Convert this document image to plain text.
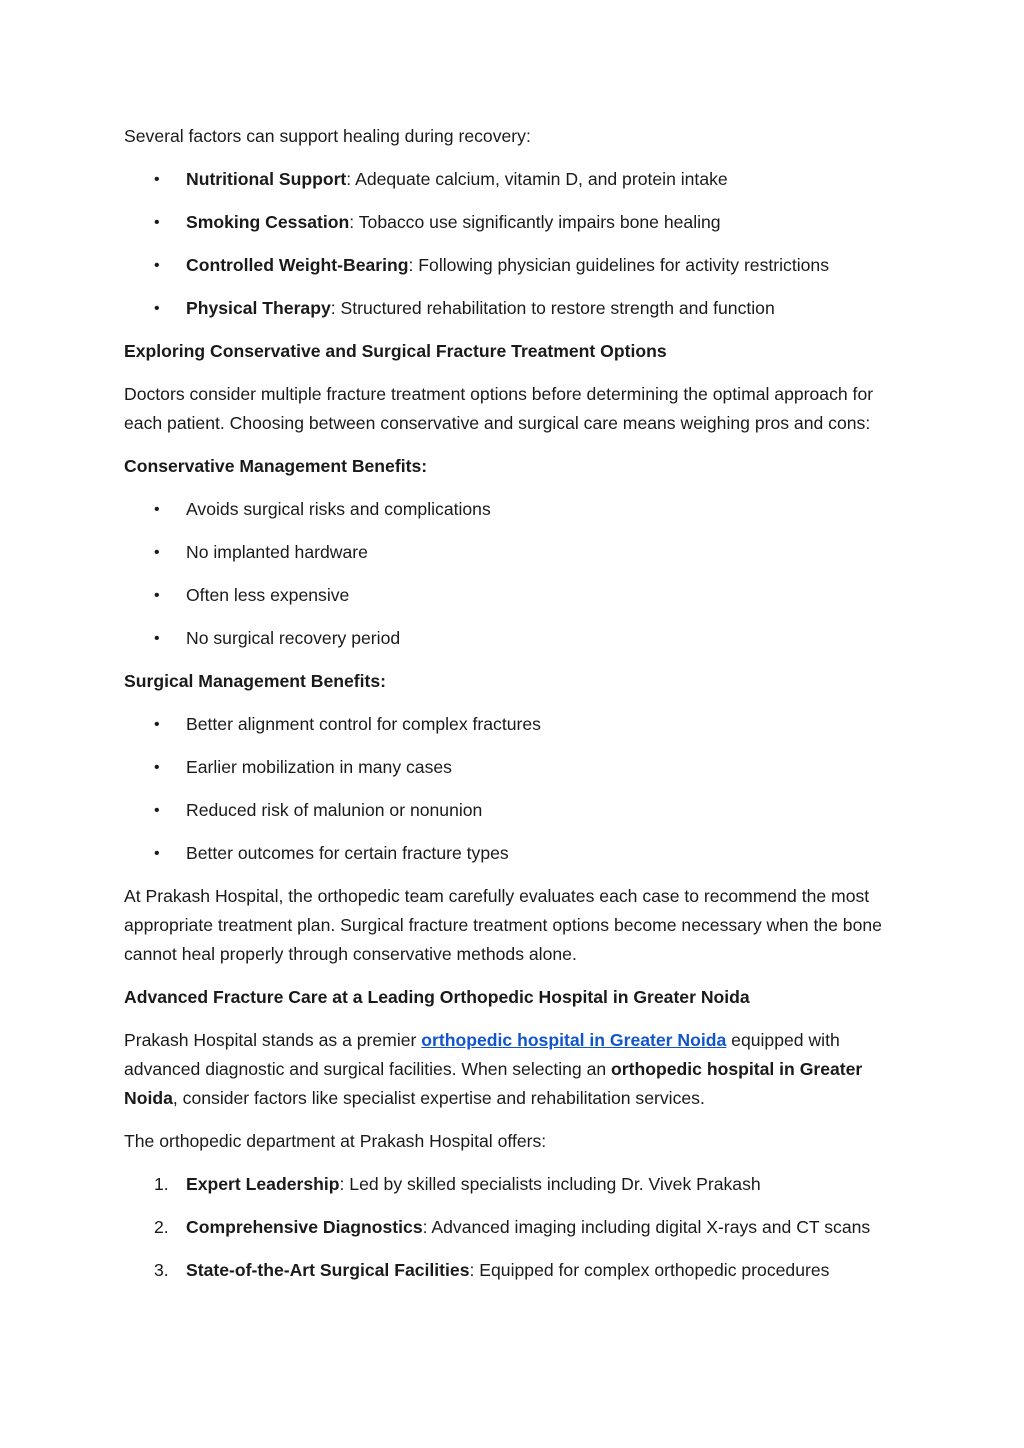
Several factors can support healing during recovery:

• Nutritional Support: Adequate calcium, vitamin D, and protein intake
• Smoking Cessation: Tobacco use significantly impairs bone healing
• Controlled Weight-Bearing: Following physician guidelines for activity restrictions
• Physical Therapy: Structured rehabilitation to restore strength and function

Exploring Conservative and Surgical Fracture Treatment Options

Doctors consider multiple fracture treatment options before determining the optimal approach for each patient. Choosing between conservative and surgical care means weighing pros and cons:

Conservative Management Benefits:

• Avoids surgical risks and complications
• No implanted hardware
• Often less expensive
• No surgical recovery period

Surgical Management Benefits:

• Better alignment control for complex fractures
• Earlier mobilization in many cases
• Reduced risk of malunion or nonunion
• Better outcomes for certain fracture types

At Prakash Hospital, the orthopedic team carefully evaluates each case to recommend the most appropriate treatment plan. Surgical fracture treatment options become necessary when the bone cannot heal properly through conservative methods alone.

Advanced Fracture Care at a Leading Orthopedic Hospital in Greater Noida

Prakash Hospital stands as a premier orthopedic hospital in Greater Noida equipped with advanced diagnostic and surgical facilities. When selecting an orthopedic hospital in Greater Noida, consider factors like specialist expertise and rehabilitation services.

The orthopedic department at Prakash Hospital offers:

1. Expert Leadership: Led by skilled specialists including Dr. Vivek Prakash
2. Comprehensive Diagnostics: Advanced imaging including digital X-rays and CT scans
3. State-of-the-Art Surgical Facilities: Equipped for complex orthopedic procedures
